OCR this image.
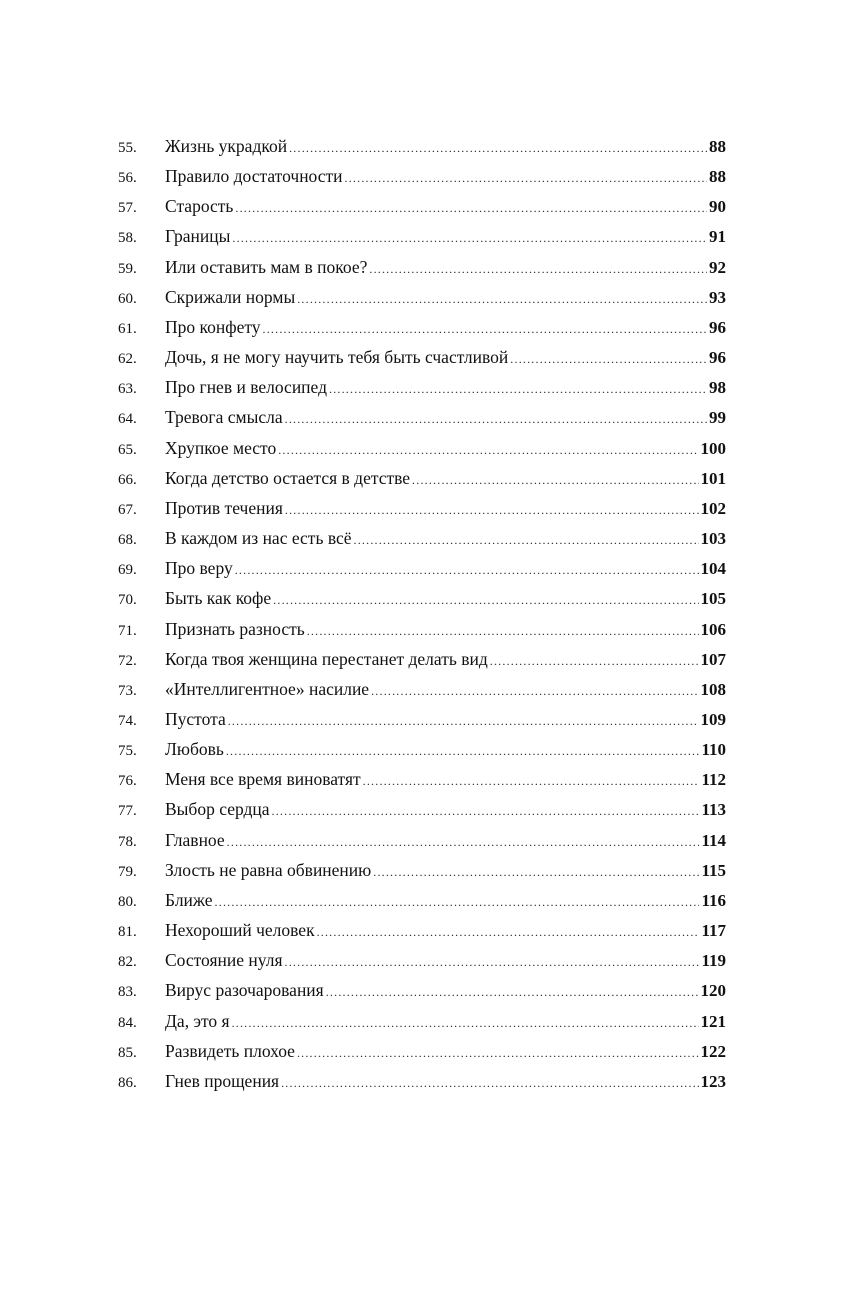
55.	Жизнь украдкой .....	88
56.	Правило достаточности .....	88
57.	Старость .....	90
58.	Границы .....	91
59.	Или оставить мам в покое? .....	92
60.	Скрижали нормы .....	93
61.	Про конфету .....	96
62.	Дочь, я не могу научить тебя быть счастливой .....	96
63.	Про гнев и велосипед .....	98
64.	Тревога смысла .....	99
65.	Хрупкое место .....	100
66.	Когда детство остается в детстве .....	101
67.	Против течения .....	102
68.	В каждом из нас есть всё .....	103
69.	Про веру .....	104
70.	Быть как кофе .....	105
71.	Признать разность .....	106
72.	Когда твоя женщина перестанет делать вид .....	107
73.	«Интеллигентное» насилие .....	108
74.	Пустота .....	109
75.	Любовь .....	110
76.	Меня все время виноватят .....	112
77.	Выбор сердца .....	113
78.	Главное .....	114
79.	Злость не равна обвинению .....	115
80.	Ближе .....	116
81.	Нехороший человек .....	117
82.	Состояние нуля .....	119
83.	Вирус разочарования .....	120
84.	Да, это я .....	121
85.	Развидеть плохое .....	122
86.	Гнев прощения .....	123
